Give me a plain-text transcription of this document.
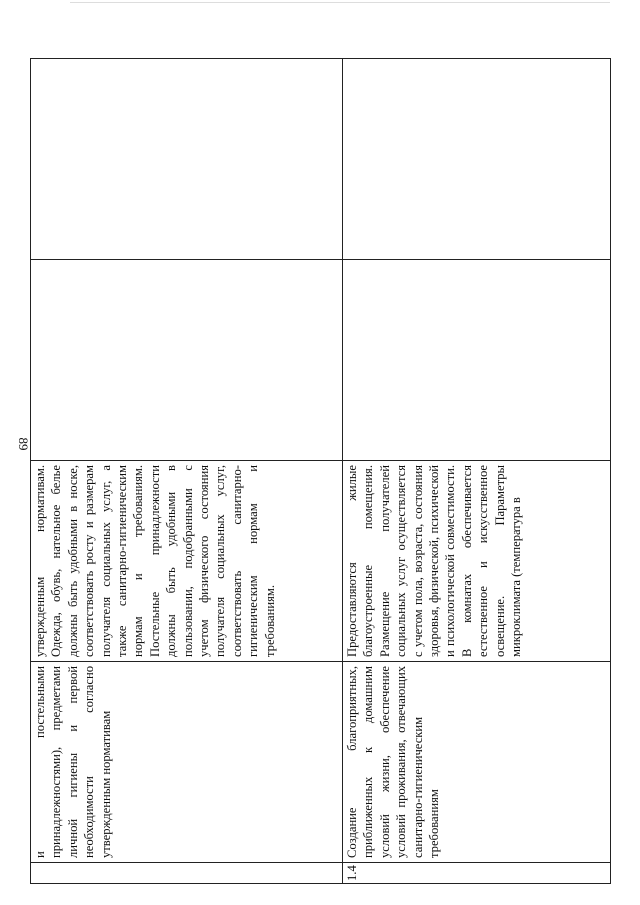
89
	и постельными принадлежностями), предметами личной гигиены и первой необходимости согласно утвержденным нормативам	утвержденным нормативам. Одежда, обувь, нательное белье должны быть удобными в носке, соответствовать росту и размерам получателя социальных услуг, а также санитарно-гигиеническим нормам и требованиям. Постельные принадлежности должны быть удобными в пользовании, подобранными с учетом физического состояния получателя социальных услуг, соответствовать санитарно-гигиеническим нормам и требованиям.		
1.4	Создание благоприятных, приближенных к домашним условий жизни, обеспечение условий проживания, отвечающих санитарно-гигиеническим требованиям	Предоставляются жилые благоустроенные помещения. Размещение получателей социальных услуг осуществляется с учетом пола, возраста, состояния здоровья, физической, психической и психологической совместимости. В комнатах обеспечивается естественное и искусственное освещение. Параметры микроклимата (температура в		
